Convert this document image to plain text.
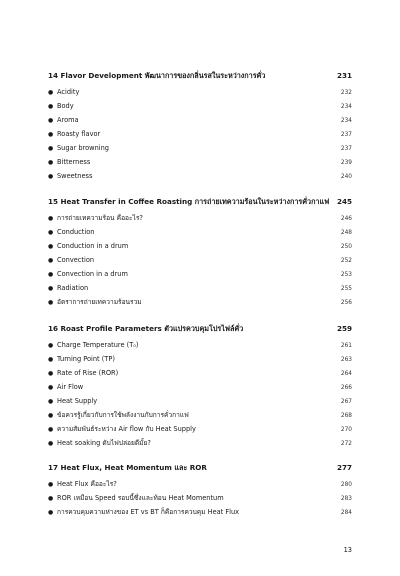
14 Flavor Development พัฒนาการของกลิ่นรสในระหว่างการคั่ว	231
● Acidity	232
● Body	234
● Aroma	234
● Roasty flavor	237
● Sugar browning	237
● Bitterness	239
● Sweetness	240
15 Heat Transfer in Coffee Roasting การถ่ายเทความร้อนในระหว่างการคั่วกาแฟ 245
● การถ่ายเทความร้อน คืออะไร?	246
● Conduction	248
● Conduction in a drum	250
● Convection	252
● Convection in a drum	253
● Radiation	255
● อัตราการถ่ายเทความร้อนรวม	256
16 Roast Profile Parameters ตัวแปรควบคุมโปรไฟล์คั่ว	259
● Charge Temperature (T₀)	261
● Turning Point (TP)	263
● Rate of Rise (ROR)	264
● Air Flow	266
● Heat Supply	267
● ข้อควรรู้เกี่ยวกับการใช้พลังงานกับการคั่วกาแฟ	268
● ความสัมพันธ์ระหว่าง Air flow กับ Heat Supply	270
● Heat soaking ดับไฟปล่อยดีมั้ย?	272
17 Heat Flux, Heat Momentum และ ROR	277
● Heat Flux คืออะไร?	280
● ROR เหมือน Speed รอบนี้ซึ่งและท้อน Heat Momentum	283
● การควบคุมความห่างของ ET vs BT ก็คือการควบคุม Heat Flux	284
13
